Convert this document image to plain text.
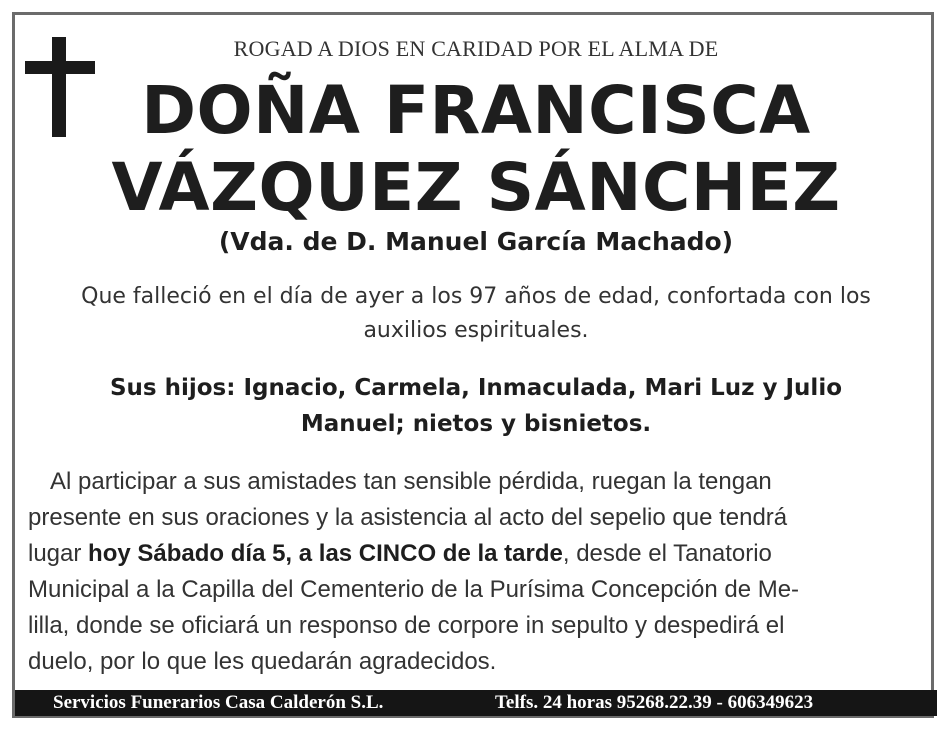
ROGAD A DIOS EN CARIDAD POR EL ALMA DE
DOÑA FRANCISCA
VÁZQUEZ SÁNCHEZ
(Vda. de D. Manuel García Machado)
Que falleció en el día de ayer a los 97 años de edad, confortada con los
auxilios espirituales.
Sus hijos: Ignacio, Carmela, Inmaculada, Mari Luz y Julio
Manuel; nietos y bisnietos.
Al participar a sus amistades tan sensible pérdida, ruegan la tengan
presente en sus oraciones y la asistencia al acto del sepelio que tendrá
lugar hoy Sábado día 5, a las CINCO de la tarde, desde el Tanatorio
Municipal a la Capilla del Cementerio de la Purísima Concepción de Me-
lilla, donde se oficiará un responso de corpore in sepulto y despedirá el
duelo, por lo que les quedarán agradecidos.
Servicios Funerarios Casa Calderón S.L.	Telfs. 24 horas 95268.22.39 - 606349623
